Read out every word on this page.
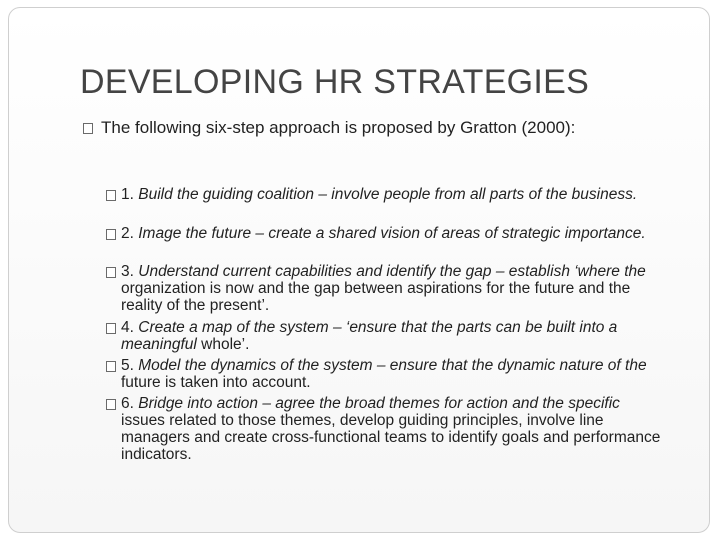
DEVELOPING HR STRATEGIES
The following six-step approach is proposed by Gratton (2000):
1. Build the guiding coalition – involve people from all parts of the business.
2. Image the future – create a shared vision of areas of strategic importance.
3. Understand current capabilities and identify the gap – establish ‘where the organization is now and the gap between aspirations for the future and the reality of the present’.
4. Create a map of the system – ‘ensure that the parts can be built into a meaningful whole’.
5. Model the dynamics of the system – ensure that the dynamic nature of the future is taken into account.
6. Bridge into action – agree the broad themes for action and the specific issues related to those themes, develop guiding principles, involve line managers and create cross-functional teams to identify goals and performance indicators.
